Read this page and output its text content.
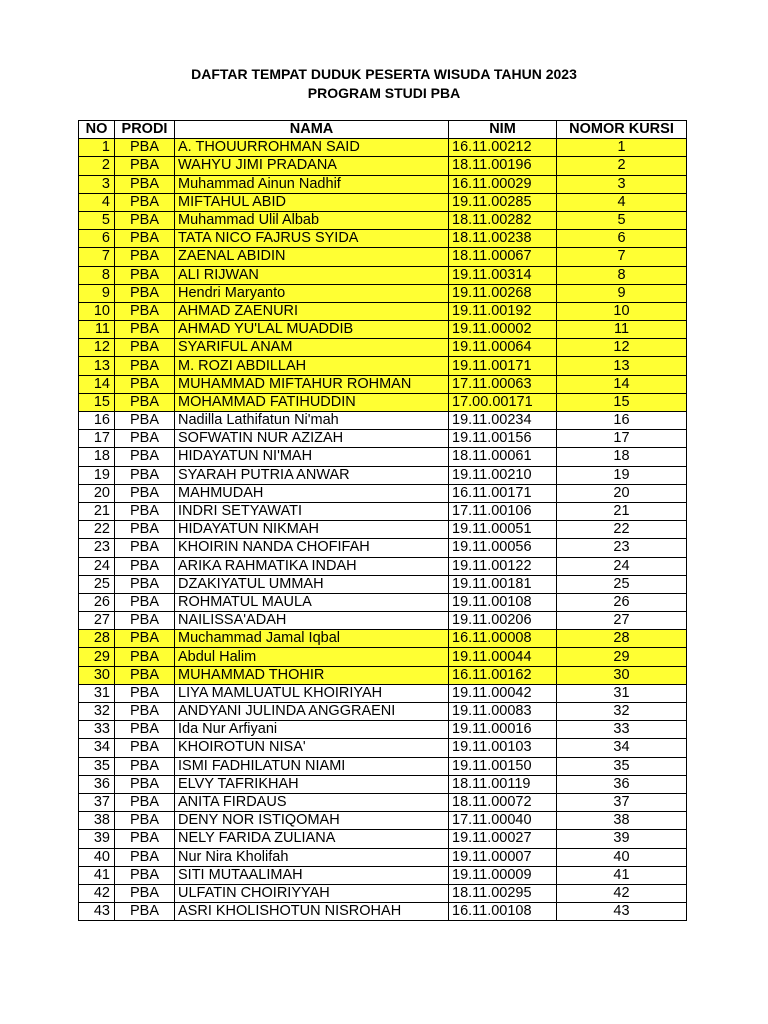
DAFTAR TEMPAT DUDUK PESERTA WISUDA TAHUN 2023
PROGRAM STUDI PBA
NO	PRODI	NAMA	NIM	NOMOR KURSI
1	PBA	A. THOUURROHMAN SAID	16.11.00212	1
2	PBA	WAHYU JIMI PRADANA	18.11.00196	2
3	PBA	Muhammad Ainun Nadhif	16.11.00029	3
4	PBA	MIFTAHUL ABID	19.11.00285	4
5	PBA	Muhammad Ulil Albab	18.11.00282	5
6	PBA	TATA NICO FAJRUS SYIDA	18.11.00238	6
7	PBA	ZAENAL ABIDIN	18.11.00067	7
8	PBA	ALI RIJWAN	19.11.00314	8
9	PBA	Hendri Maryanto	19.11.00268	9
10	PBA	AHMAD ZAENURI	19.11.00192	10
11	PBA	AHMAD YU'LAL MUADDIB	19.11.00002	11
12	PBA	SYARIFUL ANAM	19.11.00064	12
13	PBA	M. ROZI ABDILLAH	19.11.00171	13
14	PBA	MUHAMMAD MIFTAHUR ROHMAN	17.11.00063	14
15	PBA	MOHAMMAD FATIHUDDIN	17.00.00171	15
16	PBA	Nadilla Lathifatun Ni'mah	19.11.00234	16
17	PBA	SOFWATIN NUR AZIZAH	19.11.00156	17
18	PBA	HIDAYATUN NI'MAH	18.11.00061	18
19	PBA	SYARAH PUTRIA ANWAR	19.11.00210	19
20	PBA	MAHMUDAH	16.11.00171	20
21	PBA	INDRI SETYAWATI	17.11.00106	21
22	PBA	HIDAYATUN NIKMAH	19.11.00051	22
23	PBA	KHOIRIN NANDA CHOFIFAH	19.11.00056	23
24	PBA	ARIKA RAHMATIKA INDAH	19.11.00122	24
25	PBA	DZAKIYATUL UMMAH	19.11.00181	25
26	PBA	ROHMATUL MAULA	19.11.00108	26
27	PBA	NAILISSA'ADAH	19.11.00206	27
28	PBA	Muchammad Jamal Iqbal	16.11.00008	28
29	PBA	Abdul Halim	19.11.00044	29
30	PBA	MUHAMMAD THOHIR	16.11.00162	30
31	PBA	LIYA MAMLUATUL KHOIRIYAH	19.11.00042	31
32	PBA	ANDYANI JULINDA ANGGRAENI	19.11.00083	32
33	PBA	Ida Nur Arfiyani	19.11.00016	33
34	PBA	KHOIROTUN NISA'	19.11.00103	34
35	PBA	ISMI FADHILATUN NIAMI	19.11.00150	35
36	PBA	ELVY TAFRIKHAH	18.11.00119	36
37	PBA	ANITA FIRDAUS	18.11.00072	37
38	PBA	DENY NOR ISTIQOMAH	17.11.00040	38
39	PBA	NELY FARIDA ZULIANA	19.11.00027	39
40	PBA	Nur Nira Kholifah	19.11.00007	40
41	PBA	SITI MUTAALIMAH	19.11.00009	41
42	PBA	ULFATIN CHOIRIYYAH	18.11.00295	42
43	PBA	ASRI KHOLISHOTUN NISROHAH	16.11.00108	43
